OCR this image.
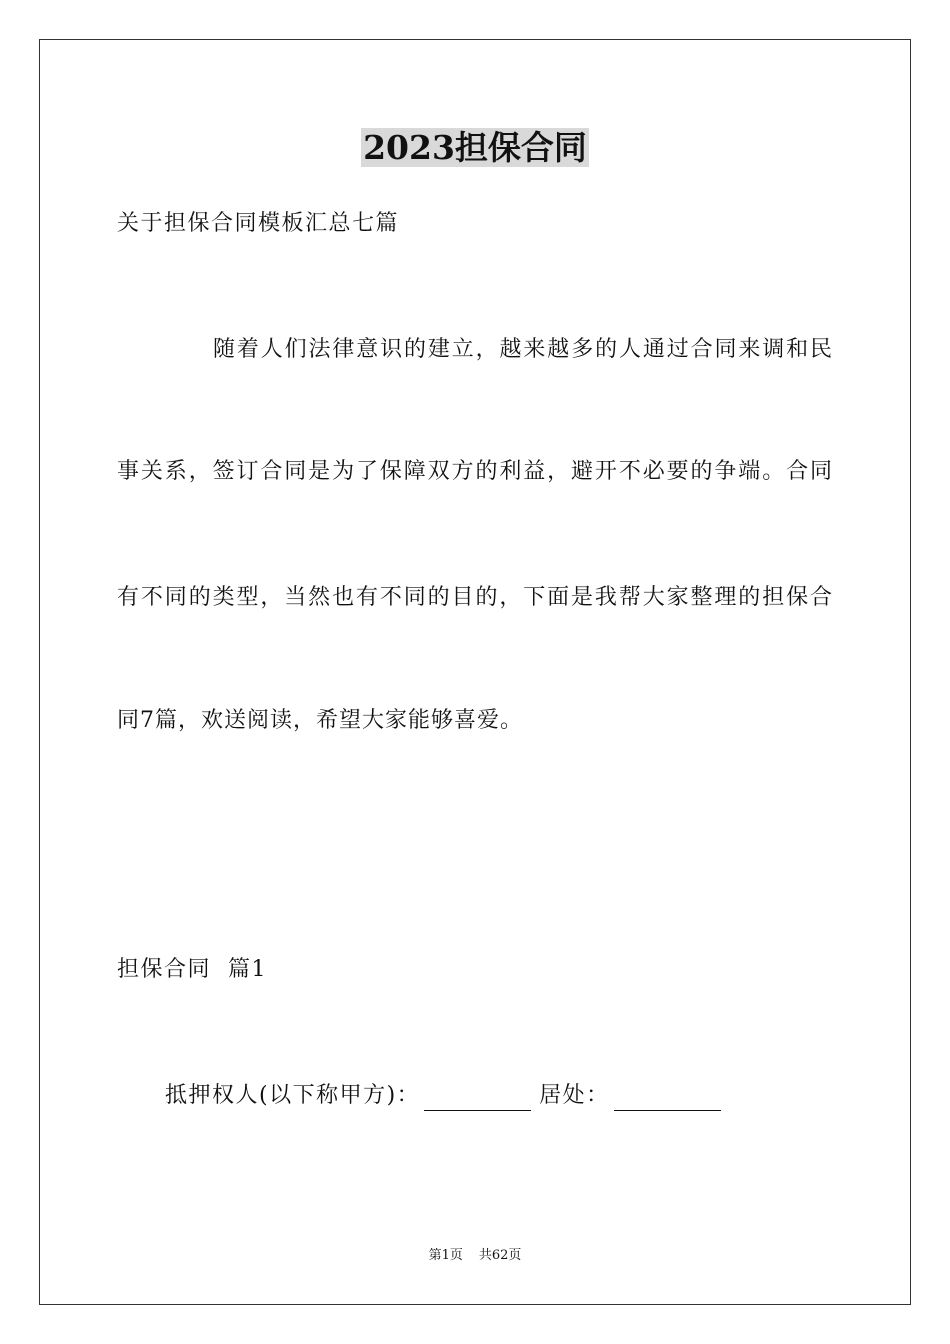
2023担保合同
关于担保合同模板汇总七篇
随着人们法律意识的建立，越来越多的人通过合同来调和民
事关系，签订合同是为了保障双方的利益，避开不必要的争端。合同
有不同的类型，当然也有不同的目的，下面是我帮大家整理的担保合
同7篇，欢送阅读，希望大家能够喜爱。
担保合同  篇1
抵押权人(以下称甲方)：	居处：
第1页 共62页
